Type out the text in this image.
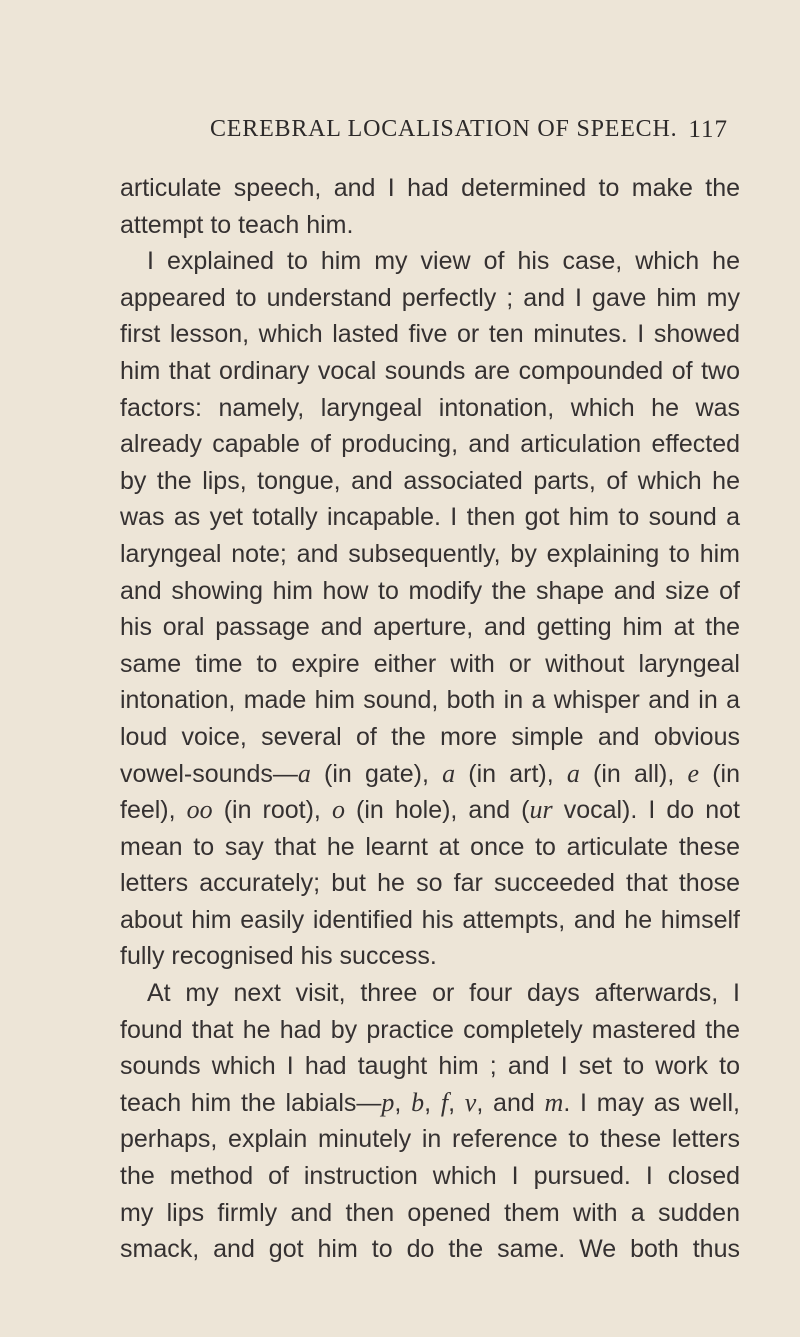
CEREBRAL LOCALISATION OF SPEECH. 117
articulate speech, and I had determined to make the
attempt to teach him.
I explained to him my view of his case, which he
appeared to understand perfectly ; and I gave him my
first lesson, which lasted five or ten minutes. I showed
him that ordinary vocal sounds are compounded of two
factors: namely, laryngeal intonation, which he was
already capable of producing, and articulation effected
by the lips, tongue, and associated parts, of which he
was as yet totally incapable. I then got him to sound a
laryngeal note; and subsequently, by explaining to him
and showing him how to modify the shape and size of
his oral passage and aperture, and getting him at the
same time to expire either with or without laryngeal
intonation, made him sound, both in a whisper and in a
loud voice, several of the more simple and obvious
vowel-sounds—a (in gate), a (in art), a (in all), e (in
feel), oo (in root), o (in hole), and (ur vocal). I do not
mean to say that he learnt at once to articulate these
letters accurately; but he so far succeeded that those
about him easily identified his attempts, and he himself
fully recognised his success.
At my next visit, three or four days afterwards, I
found that he had by practice completely mastered the
sounds which I had taught him ; and I set to work to
teach him the labials—p, b, f, v, and m. I may as well,
perhaps, explain minutely in reference to these letters
the method of instruction which I pursued. I closed
my lips firmly and then opened them with a sudden
smack, and got him to do the same. We both thus
